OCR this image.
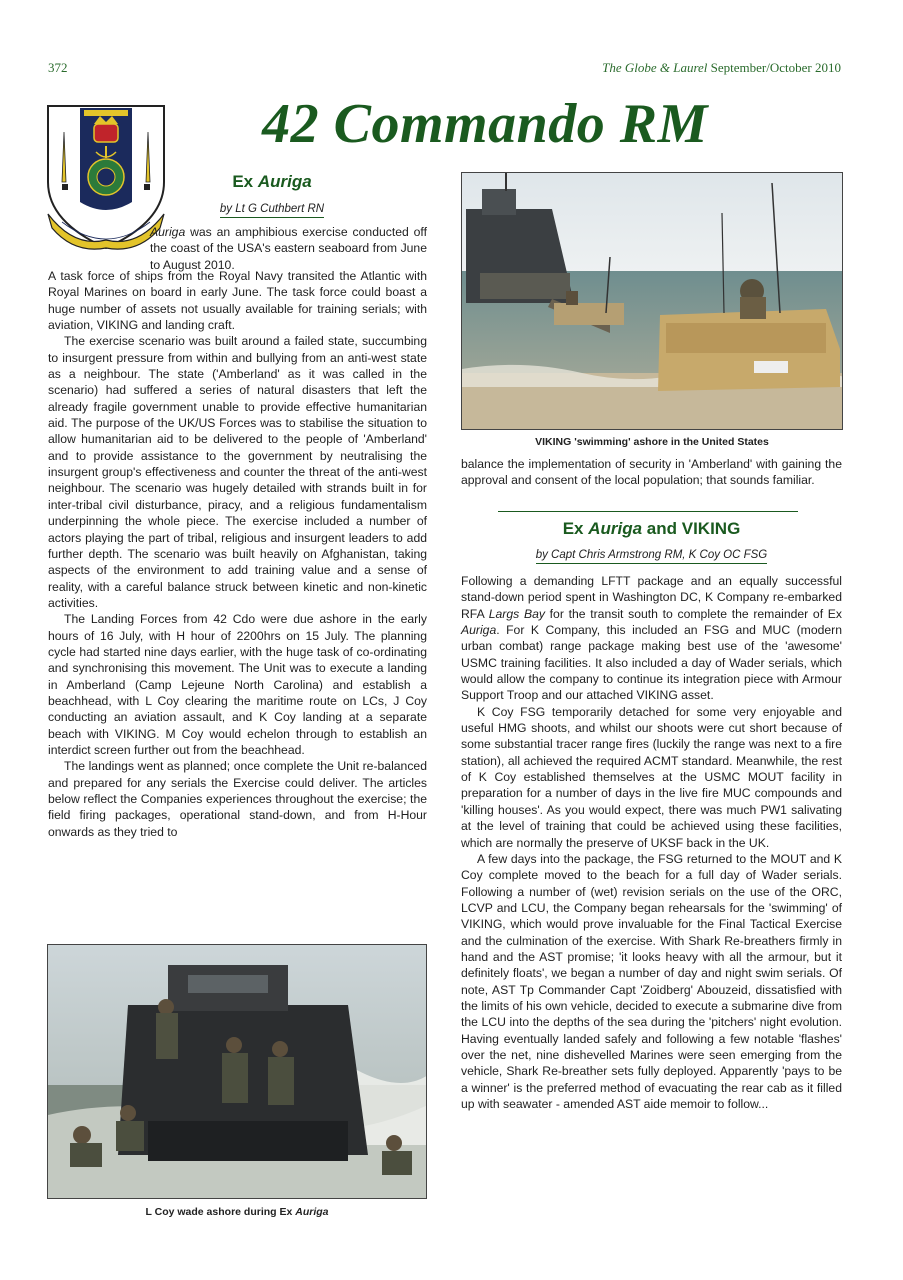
372	The Globe & Laurel September/October 2010
42 Commando RM
Ex Auriga
by Lt G Cuthbert RN
Auriga was an amphibious exercise conducted off the coast of the USA's eastern seaboard from June to August 2010.

A task force of ships from the Royal Navy transited the Atlantic with Royal Marines on board in early June. The task force could boast a huge number of assets not usually available for training serials; with aviation, VIKING and landing craft.

The exercise scenario was built around a failed state, succumbing to insurgent pressure from within and bullying from an anti-west state as a neighbour. The state ('Amberland' as it was called in the scenario) had suffered a series of natural disasters that left the already fragile government unable to provide effective humanitarian aid. The purpose of the UK/US Forces was to stabilise the situation to allow humanitarian aid to be delivered to the people of 'Amberland' and to provide assistance to the government by neutralising the insurgent group's effectiveness and counter the threat of the anti-west neighbour. The scenario was hugely detailed with strands built in for inter-tribal civil disturbance, piracy, and a religious fundamentalism underpinning the whole piece. The exercise included a number of actors playing the part of tribal, religious and insurgent leaders to add further depth. The scenario was built heavily on Afghanistan, taking aspects of the environment to add training value and a sense of reality, with a careful balance struck between kinetic and non-kinetic activities.

The Landing Forces from 42 Cdo were due ashore in the early hours of 16 July, with H hour of 2200hrs on 15 July. The planning cycle had started nine days earlier, with the huge task of co-ordinating and synchronising this movement. The Unit was to execute a landing in Amberland (Camp Lejeune North Carolina) and establish a beachhead, with L Coy clearing the maritime route on LCs, J Coy conducting an aviation assault, and K Coy landing at a separate beach with VIKING. M Coy would echelon through to establish an interdict screen further out from the beachhead.

The landings went as planned; once complete the Unit re-balanced and prepared for any serials the Exercise could deliver. The articles below reflect the Companies experiences throughout the exercise; the field firing packages, operational stand-down, and from H-Hour onwards as they tried to

VIKING 'swimming' ashore in the United States

balance the implementation of security in 'Amberland' with gaining the approval and consent of the local population; that sounds familiar.

Ex Auriga and VIKING
by Capt Chris Armstrong RM, K Coy OC FSG

Following a demanding LFTT package and an equally successful stand-down period spent in Washington DC, K Company re-embarked RFA Largs Bay for the transit south to complete the remainder of Ex Auriga. For K Company, this included an FSG and MUC (modern urban combat) range package making best use of the 'awesome' USMC training facilities. It also included a day of Wader serials, which would allow the company to continue its integration piece with Armour Support Troop and our attached VIKING asset.

K Coy FSG temporarily detached for some very enjoyable and useful HMG shoots, and whilst our shoots were cut short because of some substantial tracer range fires (luckily the range was next to a fire station), all achieved the required ACMT standard. Meanwhile, the rest of K Coy established themselves at the USMC MOUT facility in preparation for a number of days in the live fire MUC compounds and 'killing houses'. As you would expect, there was much PW1 salivating at the level of training that could be achieved using these facilities, which are normally the preserve of UKSF back in the UK.

A few days into the package, the FSG returned to the MOUT and K Coy complete moved to the beach for a full day of Wader serials. Following a number of (wet) revision serials on the use of the ORC, LCVP and LCU, the Company began rehearsals for the 'swimming' of VIKING, which would prove invaluable for the Final Tactical Exercise and the culmination of the exercise. With Shark Re-breathers firmly in hand and the AST promise; 'it looks heavy with all the armour, but it definitely floats', we began a number of day and night swim serials. Of note, AST Tp Commander Capt 'Zoidberg' Abouzeid, dissatisfied with the limits of his own vehicle, decided to execute a submarine dive from the LCU into the depths of the sea during the 'pitchers' night evolution. Having eventually landed safely and following a few notable 'flashes' over the net, nine dishevelled Marines were seen emerging from the vehicle, Shark Re-breather sets fully deployed. Apparently 'pays to be a winner' is the preferred method of evacuating the rear cab as it filled up with seawater - amended AST aide memoir to follow...

L Coy wade ashore during Ex Auriga
